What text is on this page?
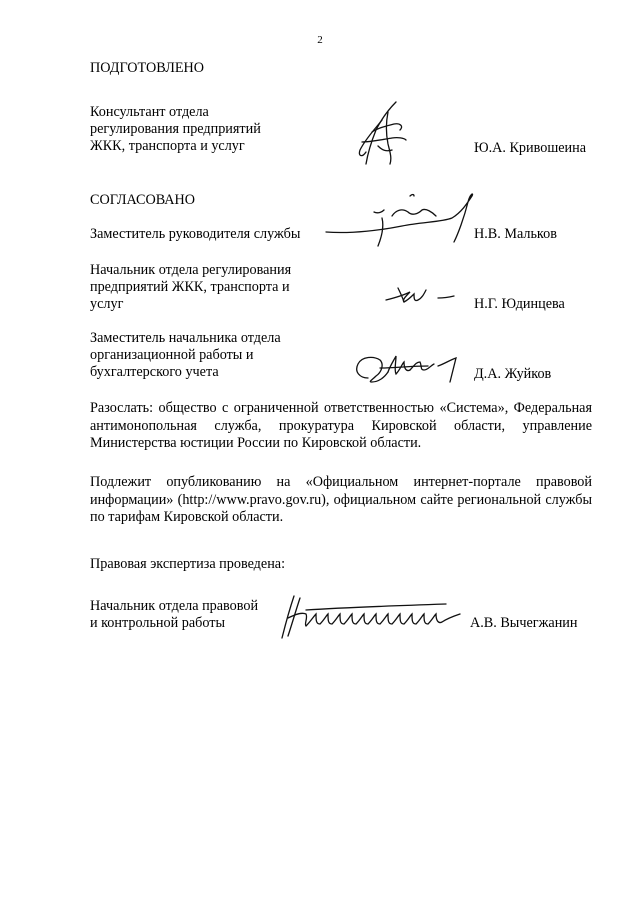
2
ПОДГОТОВЛЕНО
Консультант отдела
регулирования предприятий
ЖКК, транспорта и услуг	Ю.А. Кривошеина
СОГЛАСОВАНО
Заместитель руководителя службы	Н.В. Мальков
Начальник отдела регулирования
предприятий ЖКК, транспорта и
услуг	Н.Г. Юдинцева
Заместитель начальника отдела
организационной работы и
бухгалтерского учета	Д.А. Жуйков
Разослать: общество с ограниченной ответственностью «Система», Федеральная антимонопольная служба, прокуратура Кировской области, управление Министерства юстиции России по Кировской области.
Подлежит опубликованию на «Официальном интернет-портале правовой информации» (http://www.pravo.gov.ru), официальном сайте региональной службы по тарифам Кировской области.
Правовая экспертиза проведена:
Начальник отдела правовой
и контрольной работы	А.В. Вычегжанин
